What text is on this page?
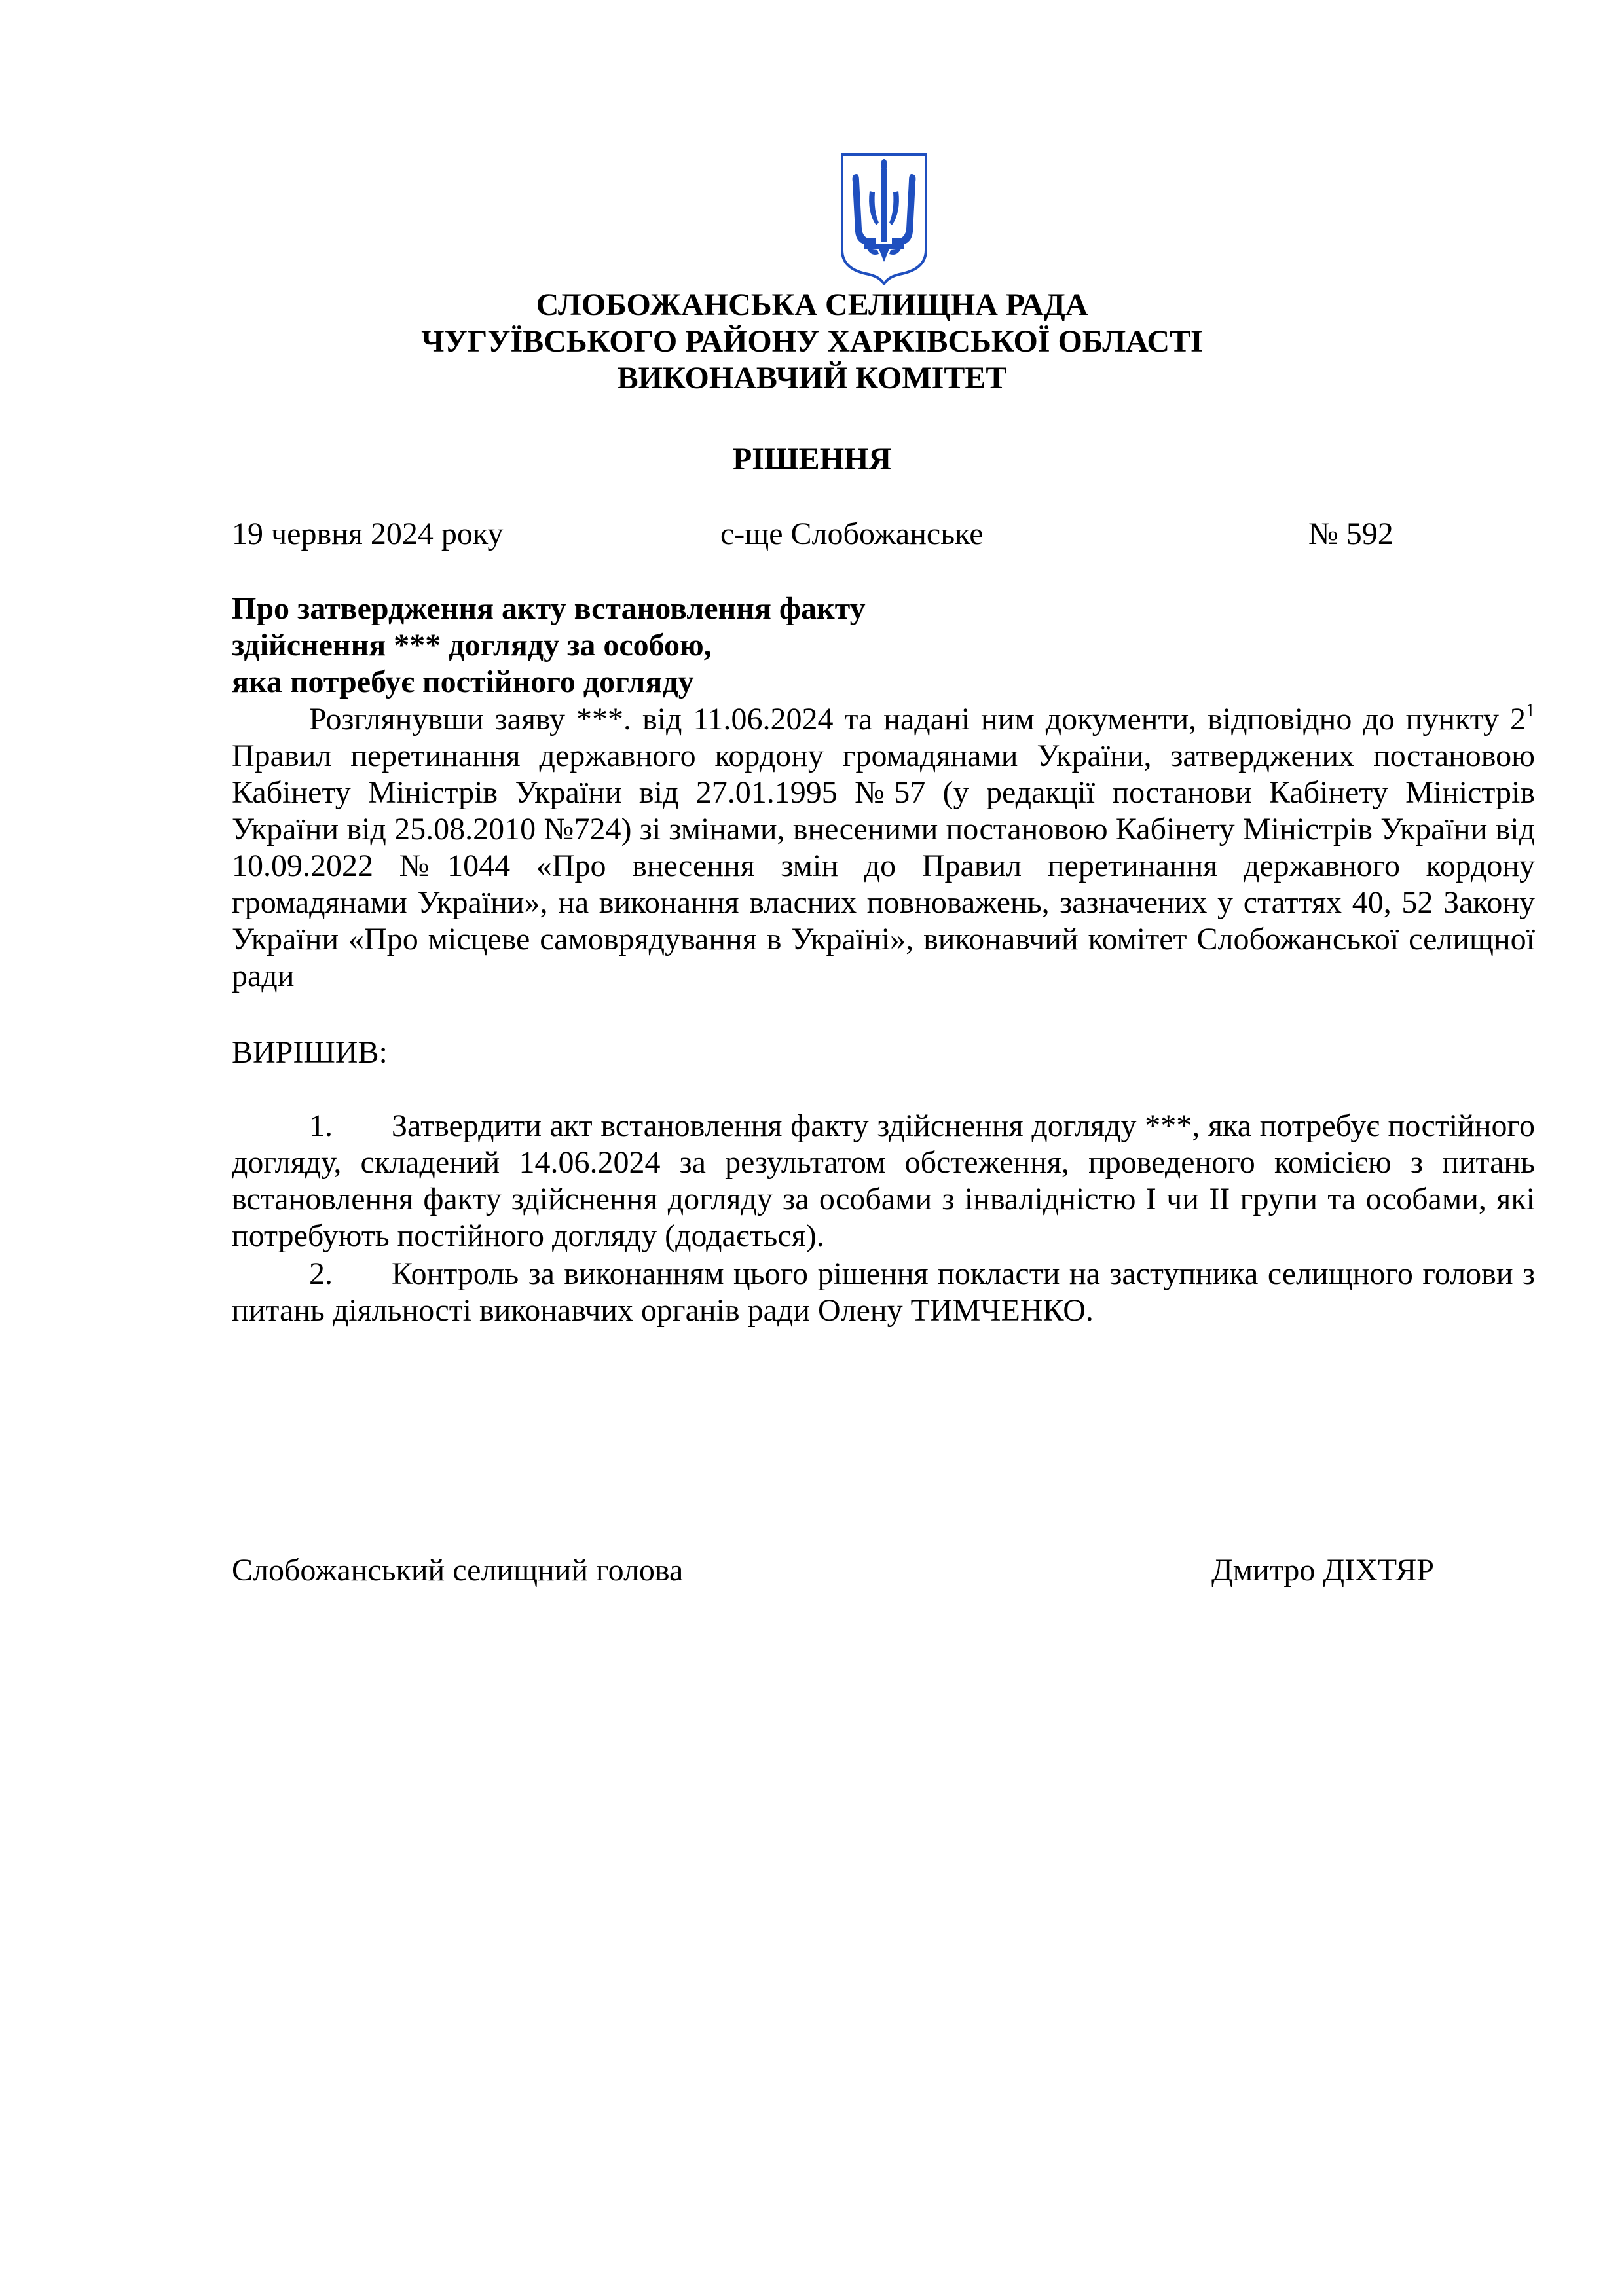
СЛОБОЖАНСЬКА СЕЛИЩНА РАДА
ЧУГУЇВСЬКОГО РАЙОНУ ХАРКІВСЬКОЇ ОБЛАСТІ
ВИКОНАВЧИЙ КОМІТЕТ
РІШЕННЯ
19 червня 2024 року	с-ще Слобожанське	№ 592
Про затвердження акту встановлення факту
здійснення *** догляду за особою,
яка потребує постійного догляду
Розглянувши заяву ***. від 11.06.2024 та надані ним документи, відповідно до пункту $2^1$ Правил перетинання державного кордону громадянами України, затверджених постановою Кабінету Міністрів України від 27.01.1995 №57 (у редакції постанови Кабінету Міністрів України від 25.08.2010 №724) зі змінами, внесеними постановою Кабінету Міністрів України від 10.09.2022 №1044 «Про внесення змін до Правил перетинання державного кордону громадянами України», на виконання власних повноважень, зазначених у статтях 40, 52 Закону України «Про місцеве самоврядування в Україні», виконавчий комітет Слобожанської селищної ради
ВИРІШИВ:
1. Затвердити акт встановлення факту здійснення догляду ***, яка потребує постійного догляду, складений 14.06.2024 за результатом обстеження, проведеного комісією з питань встановлення факту здійснення догляду за особами з інвалідністю І чи ІІ групи та особами, які потребують постійного догляду (додається).
2. Контроль за виконанням цього рішення покласти на заступника селищного голови з питань діяльності виконавчих органів ради Олену ТИМЧЕНКО.
Слобожанський селищний голова	Дмитро ДІХТЯР
